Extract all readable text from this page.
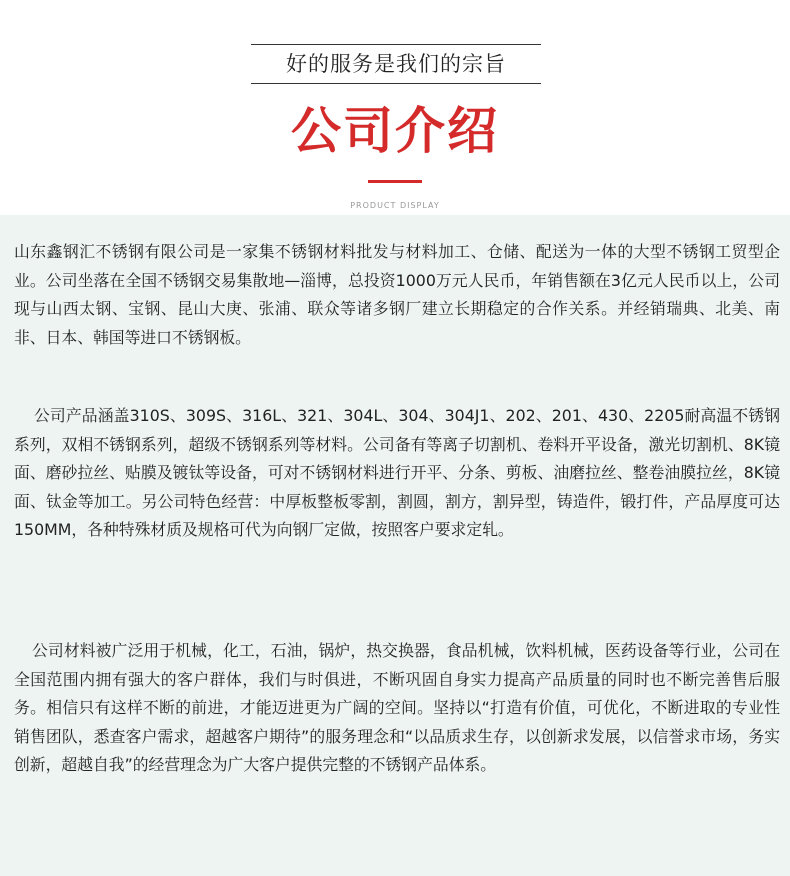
好的服务是我们的宗旨
公司介绍
PRODUCT DISPLAY

山东鑫钢汇不锈钢有限公司是一家集不锈钢材料批发与材料加工、仓储、配送为一体的大型不锈钢工贸型企业。公司坐落在全国不锈钢交易集散地—淄博，总投资1000万元人民币，年销售额在3亿元人民币以上，公司现与山西太钢、宝钢、昆山大庚、张浦、联众等诸多钢厂建立长期稳定的合作关系。并经销瑞典、北美、南非、日本、韩国等进口不锈钢板。

公司产品涵盖310S、309S、316L、321、304L、304、304J1、202、201、430、2205耐高温不锈钢系列，双相不锈钢系列，超级不锈钢系列等材料。公司备有等离子切割机、卷料开平设备，激光切割机、8K镜面、磨砂拉丝、贴膜及镀钛等设备，可对不锈钢材料进行开平、分条、剪板、油磨拉丝、整卷油膜拉丝，8K镜面、钛金等加工。另公司特色经营：中厚板整板零割，割圆，割方，割异型，铸造件，锻打件，产品厚度可达150MM，各种特殊材质及规格可代为向钢厂定做，按照客户要求定轧。

公司材料被广泛用于机械，化工，石油，锅炉，热交换器，食品机械，饮料机械，医药设备等行业，公司在全国范围内拥有强大的客户群体，我们与时俱进，不断巩固自身实力提高产品质量的同时也不断完善售后服务。相信只有这样不断的前进，才能迈进更为广阔的空间。坚持以“打造有价值，可优化，不断进取的专业性销售团队，悉查客户需求，超越客户期待”的服务理念和“以品质求生存，以创新求发展，以信誉求市场，务实创新，超越自我”的经营理念为广大客户提供完整的不锈钢产品体系。
